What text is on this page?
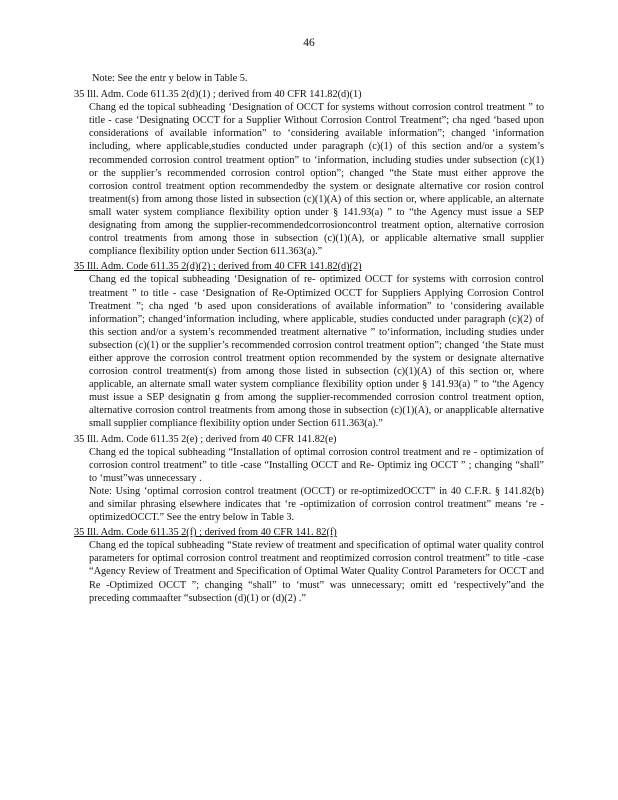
46
Note: See the entr y below in Table 5.
35 Ill. Adm. Code 611.35 2(d)(1) ; derived from 40 CFR 141.82(d)(1)
Chang ed the topical subheading ‘Designation of OCCT for systems without corrosion control treatment ” to title - case ‘Designating OCCT for a Supplier Without Corrosion Control Treatment”; cha nged ‘based upon considerations of available information” to ‘considering available information”; changed ‘information including, where applicable,studies conducted under paragraph (c)(1) of this section and/or a system’s recommended corrosion control treatment option” to ‘information, including studies under subsection (c)(1) or the supplier’s recommended corrosion control option”; changed “the State must either approve the corrosion control treatment option recommendedby the system or designate alternative cor rosion control treatment(s) from among those listed in subsection (c)(1)(A) of this section or, where applicable, an alternate small water system compliance flexibility option under § 141.93(a) ” to “the Agency must issue a SEP designating from among the supplier-recommendedcorrosioncontrol treatment option, alternative corrosion control treatments from among those in subsection (c)(1)(A), or applicable alternative small supplier compliance flexibility option under Section 611.363(a).”
35 Ill. Adm. Code 611.35 2(d)(2) ; derived from 40 CFR 141.82(d)(2)
Chang ed the topical subheading ‘Designation of re- optimized OCCT for systems with corrosion control treatment ” to title - case ‘Designation of Re-Optimized OCCT for Suppliers Applying Corrosion Control Treatment ”; cha nged ‘b ased upon considerations of available information” to ‘considering available information”; changed‘information including, where applicable, studies conducted under paragraph (c)(2) of this section and/or a system’s recommended treatment alternative ” to‘information, including studies under subsection (c)(1) or the supplier’s recommended corrosion control treatment option”; changed ‘the State must either approve the corrosion control treatment option recommended by the system or designate alternative corrosion control treatment(s) from among those listed in subsection (c)(1)(A) of this section or, where applicable, an alternate small water system compliance flexibility option under § 141.93(a) ” to “the Agency must issue a SEP designatin g from among the supplier-recommended corrosion control treatment option, alternative corrosion control treatments from among those in subsection (c)(1)(A), or anapplicable alternative small supplier compliance flexibility option under Section 611.363(a).”
35 Ill. Adm. Code 611.35 2(e) ; derived from 40 CFR 141.82(e)
Chang ed the topical subheading “Installation of optimal corrosion control treatment and re - optimization of corrosion control treatment” to title -case “Installing OCCT and Re- Optimiz ing OCCT ” ; changing “shall” to ‘must”was unnecessary .
Note: Using ‘optimal corrosion control treatment (OCCT) or re-optimizedOCCT” in 40 C.F.R. § 141.82(b) and similar phrasing elsewhere indicates that ‘re -optimization of corrosion control treatment” means ‘re -optimizedOCCT.” See the entry below in Table 3.
35 Ill. Adm. Code 611.35 2(f) ; derived from 40 CFR 141. 82(f)
Chang ed the topical subheading “State review of treatment and specification of optimal water quality control parameters for optimal corrosion control treatment and reoptimized corrosion control treatment” to title -case “Agency Review of Treatment and Specification of Optimal Water Quality Control Parameters for OCCT and Re -Optimized OCCT ”; changing “shall” to ‘must” was unnecessary; omitt ed ‘respectively”and the preceding commaafter “subsection (d)(1) or (d)(2) .”
